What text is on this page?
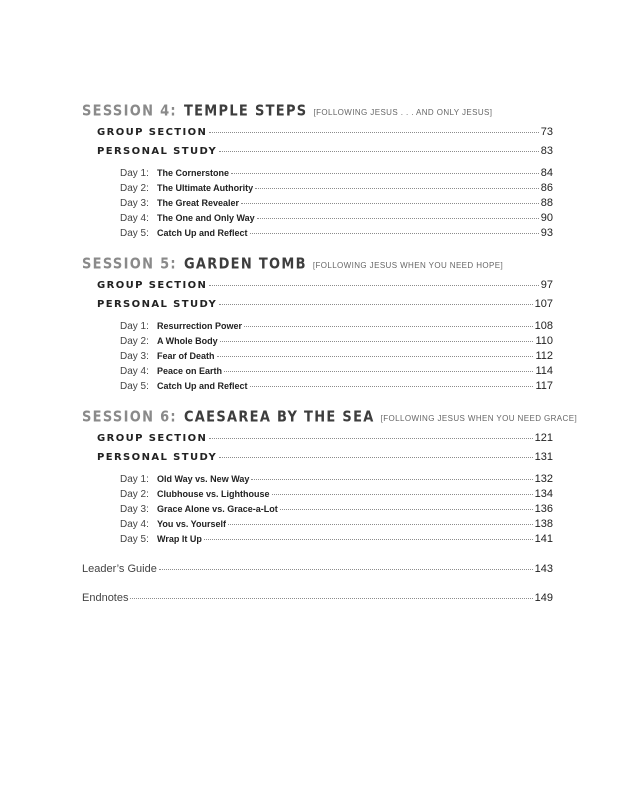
SESSION 4: TEMPLE STEPS [FOLLOWING JESUS . . . AND ONLY JESUS]
GROUP SECTION	73
PERSONAL STUDY	83
Day 1: The Cornerstone	84
Day 2: The Ultimate Authority	86
Day 3: The Great Revealer	88
Day 4: The One and Only Way	90
Day 5: Catch Up and Reflect	93
SESSION 5: GARDEN TOMB [FOLLOWING JESUS WHEN YOU NEED HOPE]
GROUP SECTION	97
PERSONAL STUDY	107
Day 1: Resurrection Power	108
Day 2: A Whole Body	110
Day 3: Fear of Death	112
Day 4: Peace on Earth	114
Day 5: Catch Up and Reflect	117
SESSION 6: CAESAREA BY THE SEA [FOLLOWING JESUS WHEN YOU NEED GRACE]
GROUP SECTION	121
PERSONAL STUDY	131
Day 1: Old Way vs. New Way	132
Day 2: Clubhouse vs. Lighthouse	134
Day 3: Grace Alone vs. Grace-a-Lot	136
Day 4: You vs. Yourself	138
Day 5: Wrap It Up	141
Leader’s Guide	143
Endnotes	149
